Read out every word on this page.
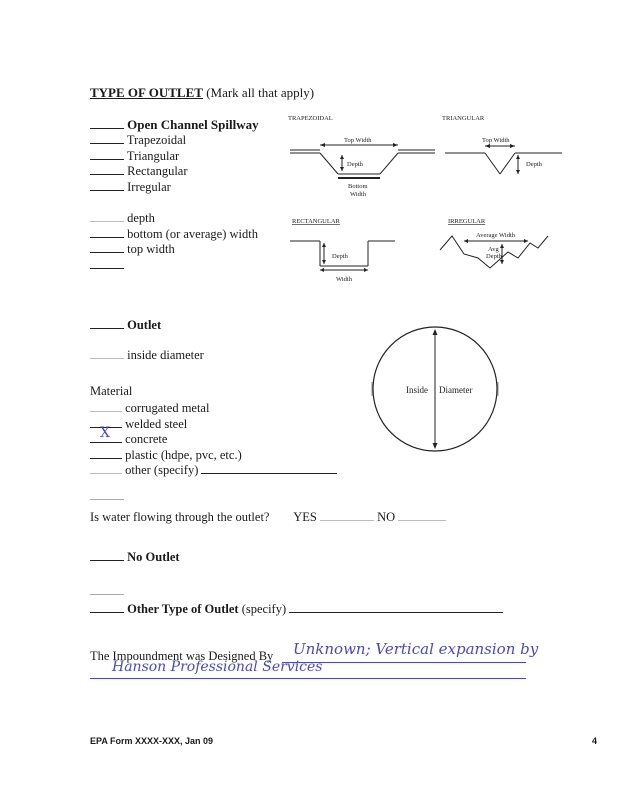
TYPE OF OUTLET (Mark all that apply)
Open Channel Spillway
Trapezoidal
Triangular
Rectangular
Irregular
depth
bottom (or average) width
top width
TRAPEZOIDAL
Top Width
Depth
Bottom
Width
TRIANGULAR
Top Width
Depth
RECTANGULAR
Depth
Width
IRREGULAR
Average Width
Avg
Depth
Outlet
inside diameter
Inside Diameter
Material
corrugated metal
welded steel
X concrete
plastic (hdpe, pvc, etc.)
other (specify)
Is water flowing through the outlet? YES	NO
No Outlet
Other Type of Outlet (specify)
The Impoundment was Designed By Unknown; Vertical expansion by
Hanson Professional Services
EPA Form XXXX-XXX, Jan 09	4
